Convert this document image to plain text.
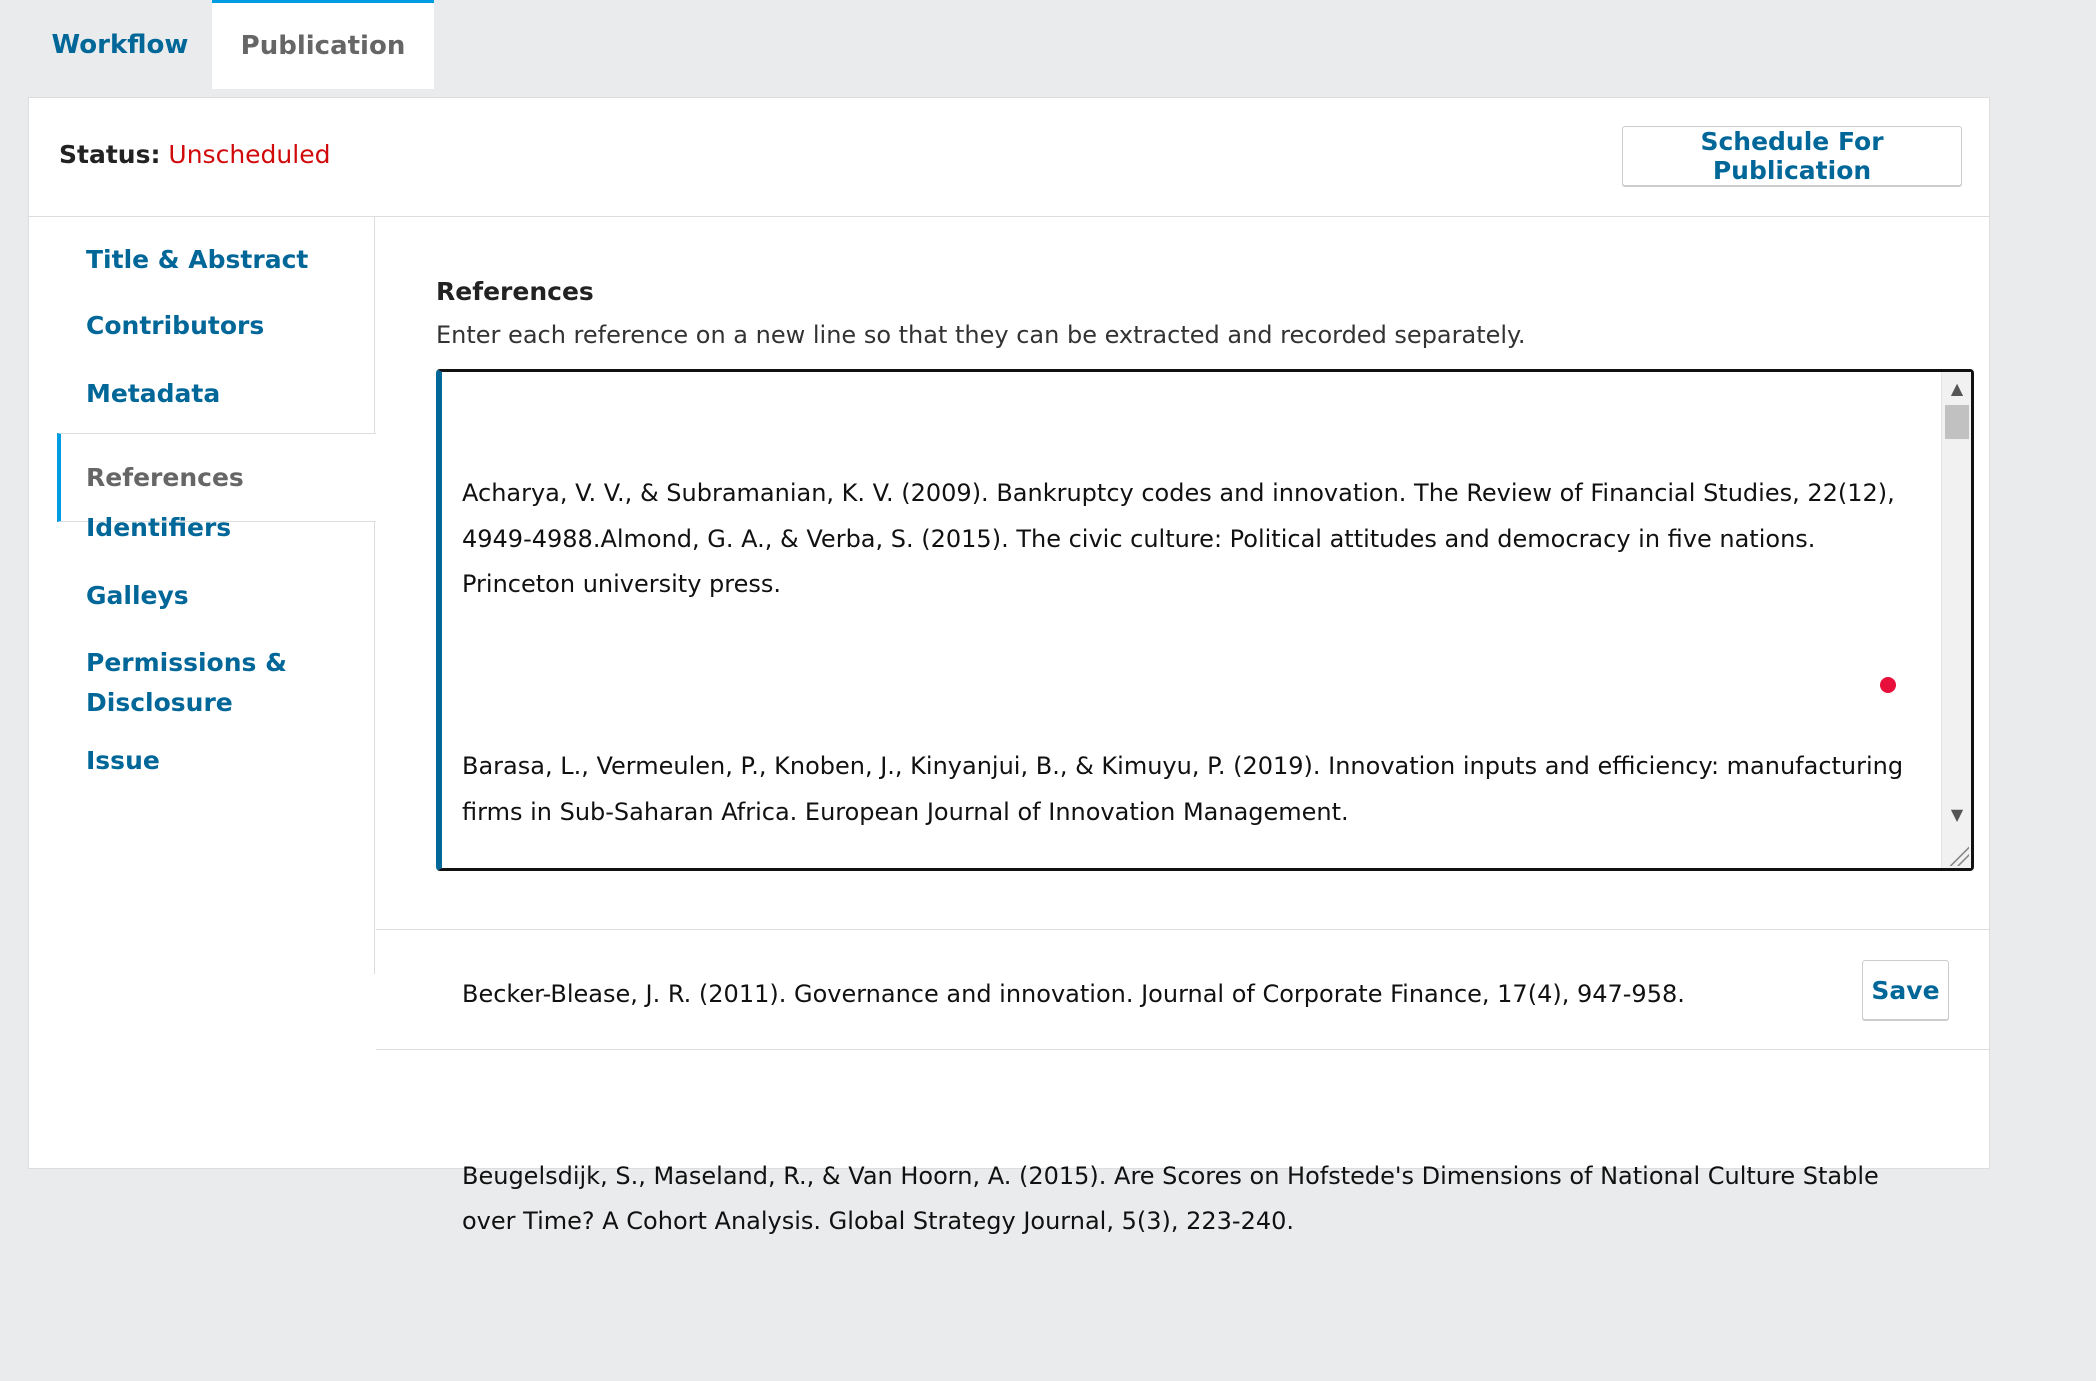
Workflow	Publication
Status: Unscheduled	Schedule For Publication
Title & Abstract
Contributors
Metadata
References
Identifiers
Galleys
Permissions & Disclosure
Issue
References
Enter each reference on a new line so that they can be extracted and recorded separately.

Acharya, V. V., & Subramanian, K. V. (2009). Bankruptcy codes and innovation. The Review of Financial Studies, 22(12), 4949-4988.Almond, G. A., & Verba, S. (2015). The civic culture: Political attitudes and democracy in five nations. Princeton university press.

Barasa, L., Vermeulen, P., Knoben, J., Kinyanjui, B., & Kimuyu, P. (2019). Innovation inputs and efficiency: manufacturing firms in Sub-Saharan Africa. European Journal of Innovation Management.

Becker-Blease, J. R. (2011). Governance and innovation. Journal of Corporate Finance, 17(4), 947-958.

Beugelsdijk, S., Maseland, R., & Van Hoorn, A. (2015). Are Scores on Hofstede's Dimensions of National Culture Stable over Time? A Cohort Analysis. Global Strategy Journal, 5(3), 223-240.

▲
▼
Save
